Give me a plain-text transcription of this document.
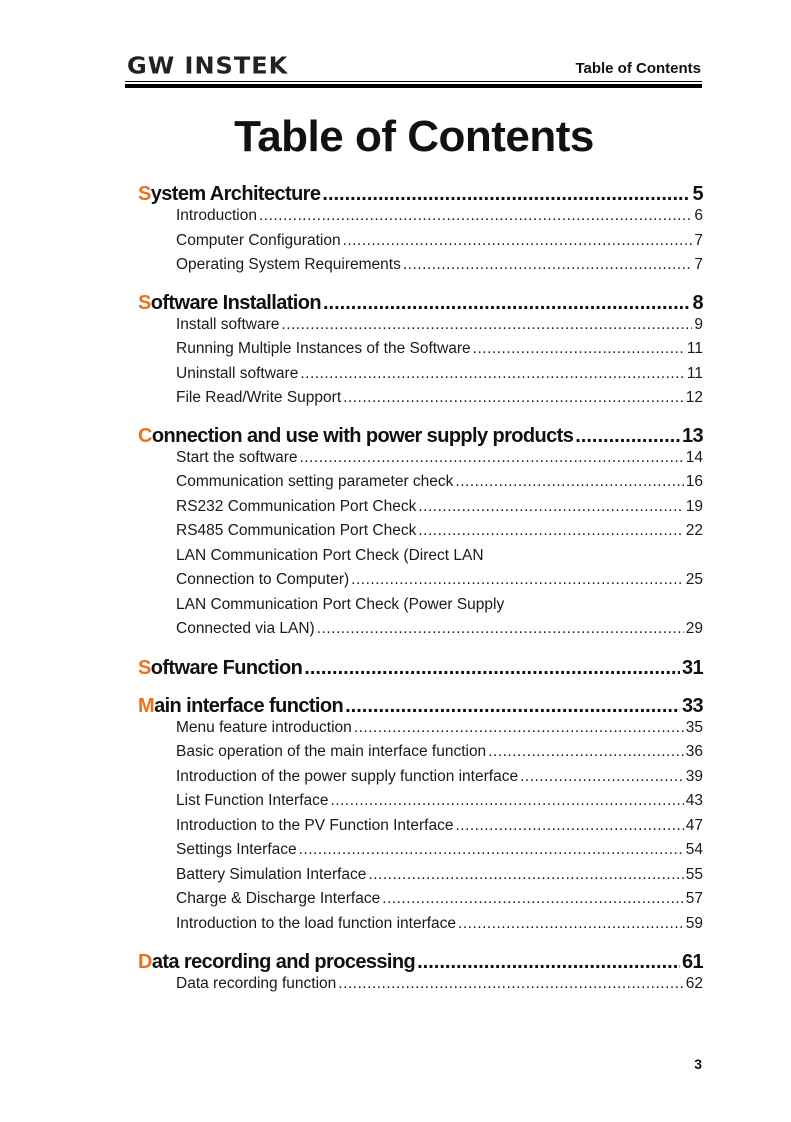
GW INSTEK	Table of Contents
Table of Contents
System Architecture .....	5
Introduction .....	6
Computer Configuration .....	7
Operating System Requirements .....	7
Software Installation .....	8
Install software .....	9
Running Multiple Instances of the Software .....	11
Uninstall software .....	11
File Read/Write Support .....	12
Connection and use with power supply products .....	13
Start the software .....	14
Communication setting parameter check .....	16
RS232 Communication Port Check .....	19
RS485 Communication Port Check .....	22
LAN Communication Port Check (Direct LAN
Connection to Computer) .....	25
LAN Communication Port Check (Power Supply
Connected via LAN) .....	29
Software Function .....	31
Main interface function .....	33
Menu feature introduction .....	35
Basic operation of the main interface function .....	36
Introduction of the power supply function interface .....	39
List Function Interface .....	43
Introduction to the PV Function Interface .....	47
Settings Interface .....	54
Battery Simulation Interface .....	55
Charge & Discharge Interface .....	57
Introduction to the load function interface .....	59
Data recording and processing .....	61
Data recording function .....	62
3
